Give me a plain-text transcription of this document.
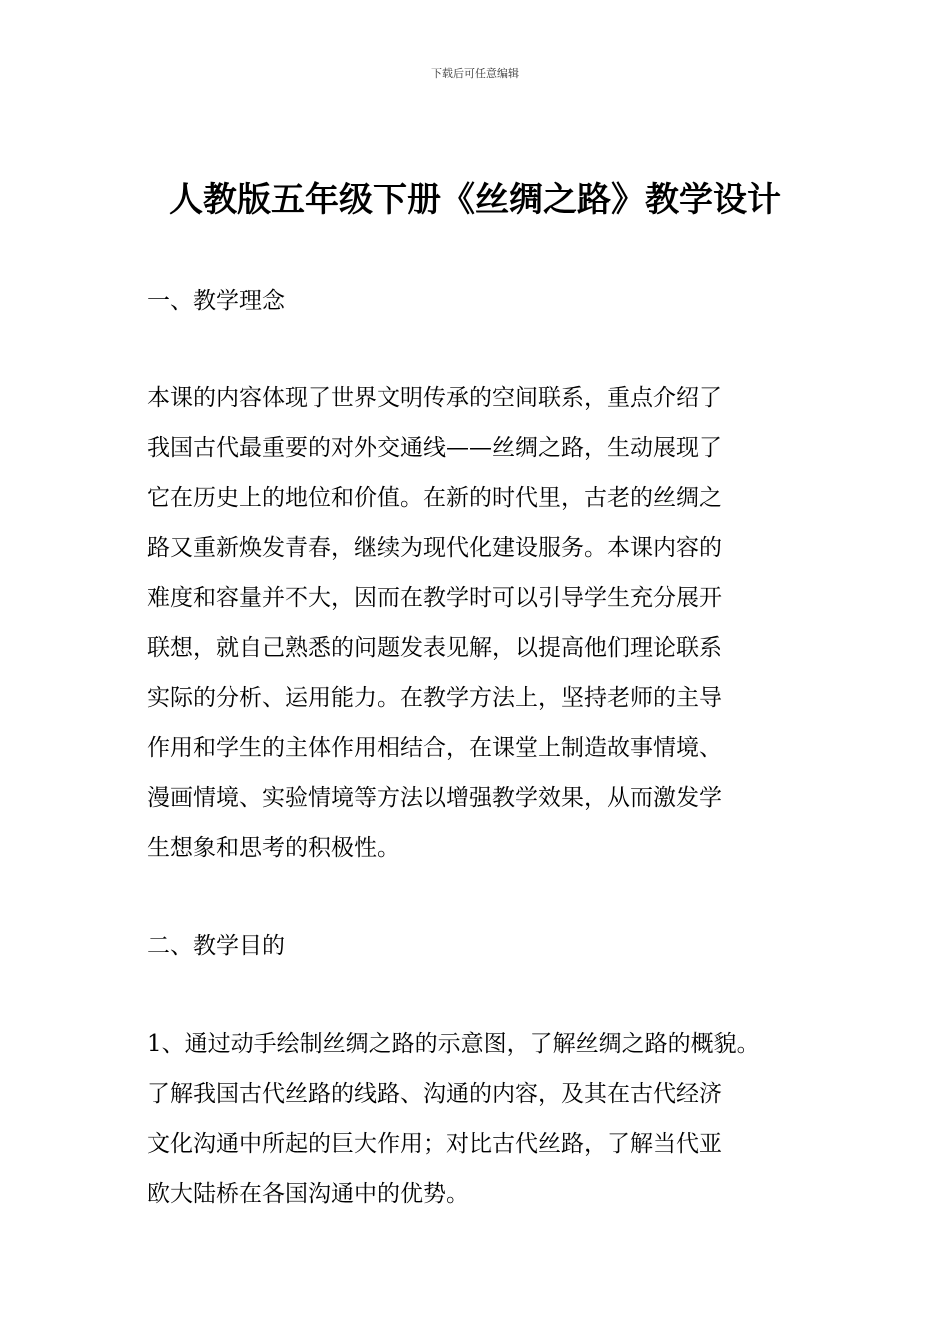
下载后可任意编辑
人教版五年级下册《丝绸之路》教学设计
一、教学理念
本课的内容体现了世界文明传承的空间联系，重点介绍了
我国古代最重要的对外交通线——丝绸之路，生动展现了
它在历史上的地位和价值。在新的时代里，古老的丝绸之
路又重新焕发青春，继续为现代化建设服务。本课内容的
难度和容量并不大，因而在教学时可以引导学生充分展开
联想，就自己熟悉的问题发表见解，以提高他们理论联系
实际的分析、运用能力。在教学方法上，坚持老师的主导
作用和学生的主体作用相结合，在课堂上制造故事情境、
漫画情境、实验情境等方法以增强教学效果，从而激发学
生想象和思考的积极性。
二、教学目的
1、通过动手绘制丝绸之路的示意图，了解丝绸之路的概貌。
了解我国古代丝路的线路、沟通的内容，及其在古代经济
文化沟通中所起的巨大作用；对比古代丝路，了解当代亚
欧大陆桥在各国沟通中的优势。
